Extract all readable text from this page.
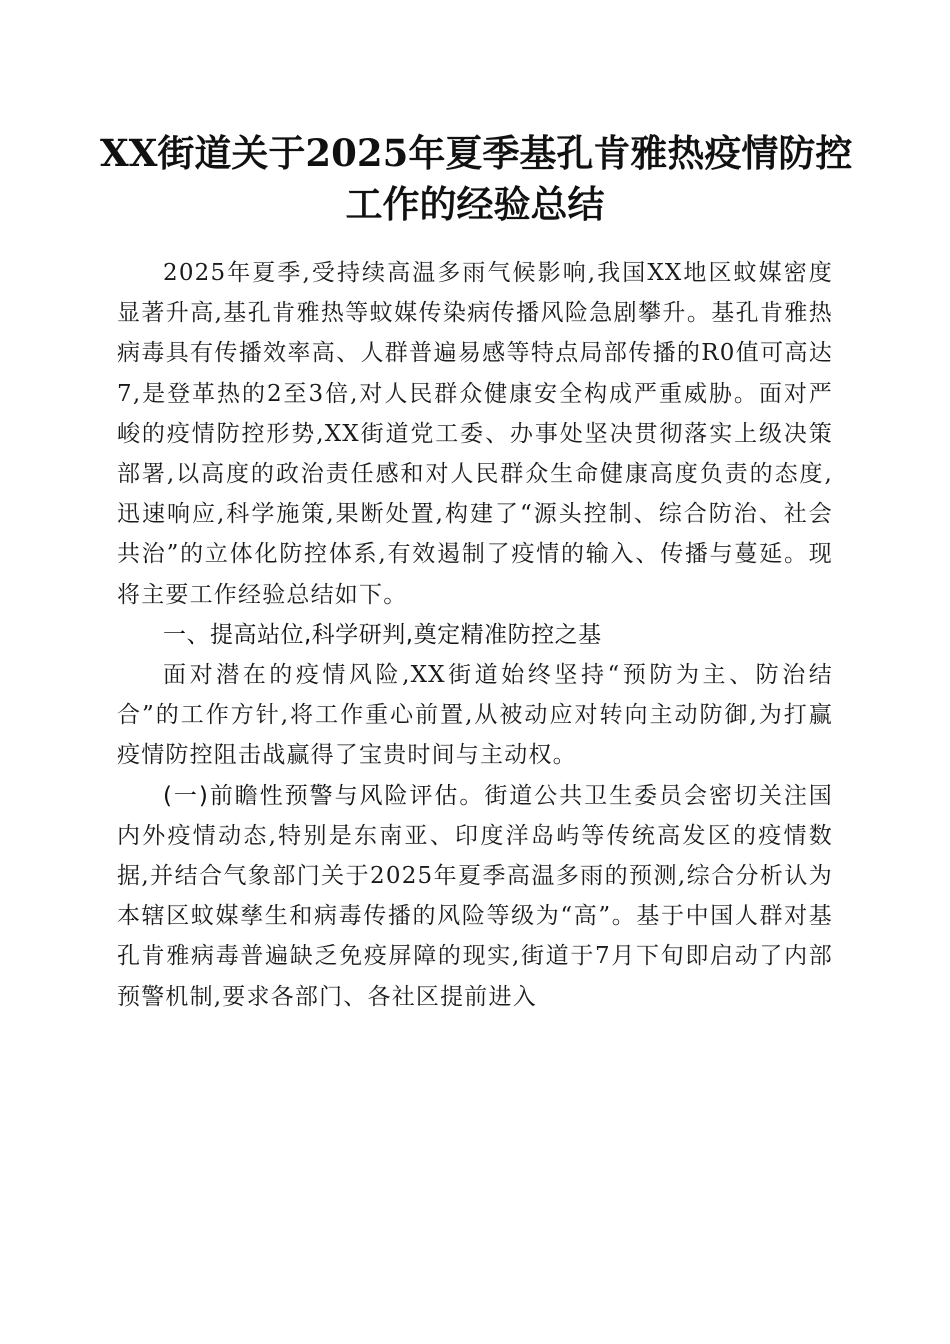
XX街道关于2025年夏季基孔肯雅热疫情防控
工作的经验总结

2025年夏季,受持续高温多雨气候影响,我国XX地区蚊媒密度显著升高,基孔肯雅热等蚊媒传染病传播风险急剧攀升。基孔肯雅热病毒具有传播效率高、人群普遍易感等特点局部传播的R0值可高达7,是登革热的2至3倍,对人民群众健康安全构成严重威胁。面对严峻的疫情防控形势,XX街道党工委、办事处坚决贯彻落实上级决策部署,以高度的政治责任感和对人民群众生命健康高度负责的态度,迅速响应,科学施策,果断处置,构建了“源头控制、综合防治、社会共治”的立体化防控体系,有效遏制了疫情的输入、传播与蔓延。现将主要工作经验总结如下。

一、提高站位,科学研判,奠定精准防控之基

面对潜在的疫情风险,XX街道始终坚持“预防为主、防治结合”的工作方针,将工作重心前置,从被动应对转向主动防御,为打赢疫情防控阻击战赢得了宝贵时间与主动权。

(一)前瞻性预警与风险评估。街道公共卫生委员会密切关注国内外疫情动态,特别是东南亚、印度洋岛屿等传统高发区的疫情数据,并结合气象部门关于2025年夏季高温多雨的预测,综合分析认为本辖区蚊媒孳生和病毒传播的风险等级为“高”。基于中国人群对基孔肯雅病毒普遍缺乏免疫屏障的现实,街道于7月下旬即启动了内部预警机制,要求各部门、各社区提前进入
